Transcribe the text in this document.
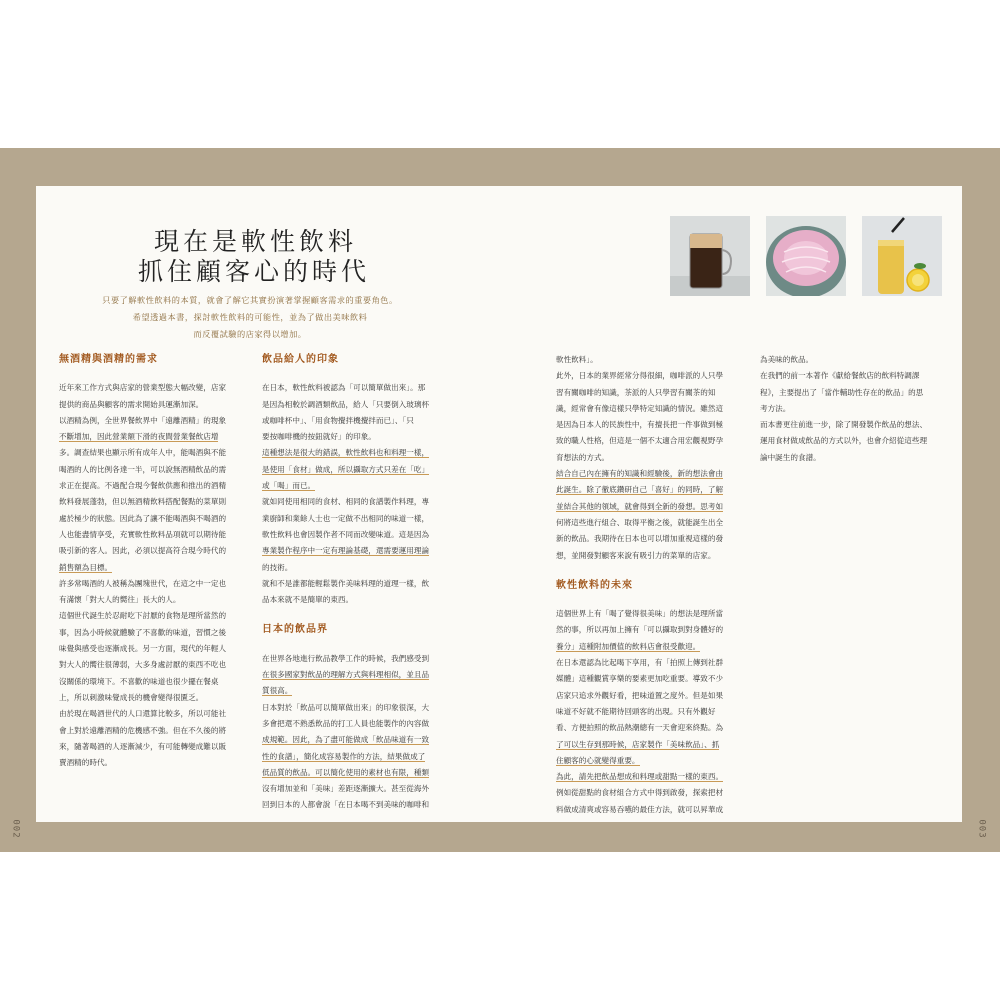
002	003
現在是軟性飲料
抓住顧客心的時代
只要了解軟性飲料的本質，就會了解它其實扮演著掌握顧客需求的重要角色。
希望透過本書，探討軟性飲料的可能性，並為了做出美味飲料
而反覆試驗的店家得以增加。
無酒精與酒精的需求

近年來工作方式與店家的營業型態大幅改變，店家

提供的商品與顧客的需求開始具運漸加深。

以酒精為例，全世界餐飲界中「遠離酒精」的現象

不斷增加，因此營業額下滑的夜間營業餐飲店增

多。調查結果也顯示所有成年人中，能喝酒與不能

喝酒的人的比例各達一半，可以說無酒精飲品的需

求正在提高。不過配合現今餐飲供應和推出的酒精

飲料發展蓬勃，但以無酒精飲料搭配餐點的菜單則

處於極少的狀態。因此為了讓不能喝酒與不喝酒的

人也能盡情享受，充實軟性飲料品項就可以期待能

吸引新的客人。因此，必須以提高符合現今時代的

銷售額為目標。

許多常喝酒的人被稱為團塊世代，在這之中一定也

有滿懷「對大人的嚮往」長大的人。

這個世代誕生於忍耐吃下討厭的食物是理所當然的

事，因為小時候就體驗了不喜歡的味道，習慣之後

味覺與感受也逐漸成長。另一方面，現代的年輕人

對大人的嚮往很薄弱，大多身處討厭的東西不吃也

沒關係的環境下。不喜歡的味道也很少擺在餐桌

上，所以刺激味覺成長的機會變得很匱乏。

由於現在喝酒世代的人口還算比較多，所以可能社

會上對於遠離酒精的危機感不強。但在不久後的將

來，隨著喝酒的人逐漸減少，有可能轉變成難以販

賣酒精的時代。

飲品給人的印象

在日本，軟性飲料被認為「可以簡單做出來」。那

是因為相較於調酒類飲品，給人「只要倒入玻璃杯

或咖啡杯中」、「用食物攪拌機攪拌而已」、「只

要按咖啡機的按鈕就好」的印象。

這種想法是很大的錯誤，軟性飲料也和料理一樣，

是使用「食材」做成，所以攝取方式只差在「吃」

或「喝」而已。

就如同使用相同的食材、相同的食譜製作料理，專

業廚師和業餘人士也一定做不出相同的味道一樣，

軟性飲料也會因製作者不同而改變味道。這是因為

專業製作程序中一定有理論基礎，還需要運用理論

的技術。

就和不是誰都能輕鬆製作美味料理的道理一樣，飲

品本來就不是簡單的東西。

日本的飲品界

在世界各地進行飲品教學工作的時候，我們感受到

在很多國家對飲品的理解方式與料理相似，並且品

質很高。

日本對於「飲品可以簡單做出來」的印象很深，大

多會把還不熟悉飲品的打工人員也能製作的內容做

成規範。因此，為了盡可能做成「飲品味道有一致

性的食譜」，簡化成容易製作的方法，結果做成了

低品質的飲品。可以簡化使用的素材也有限，種類

沒有增加並和「美味」差距逐漸擴大。甚至從海外

回到日本的人都會說「在日本喝不到美味的咖啡和

軟性飲料」。

此外，日本的業界經常分得很細，咖啡派的人只學

習有關咖啡的知識，茶派的人只學習有關茶的知

識，經常會有像這樣只學特定知識的情況。雖然這

是因為日本人的民族性中，有擅長把一件事做到極

致的職人性格，但這是一個不太適合用宏觀視野孕

育想法的方式。

結合自己內在擁有的知識和經驗後，新的想法會由

此誕生。除了徹底鑽研自己「喜好」的同時，了解

並結合其他的領域，就會得到全新的發想。思考如

何將這些進行組合、取得平衡之後，就能誕生出全

新的飲品。我期待在日本也可以增加重視這樣的發

想，並開發對顧客來說有吸引力的菜單的店家。

軟性飲料的未來

這個世界上有「喝了覺得很美味」的想法是理所當

然的事，所以再加上擁有「可以攝取到對身體好的

養分」這種附加價值的飲料店會很受歡迎。

在日本還認為比起喝下享用，有「拍照上傳到社群

媒體」這種觀賞享樂的要素更加吃重要。導致不少

店家只追求外觀好看，把味道置之度外。但是如果

味道不好就不能期待回頭客的出現。只有外觀好

看、方便拍照的飲品熱潮總有一天會迎來終點。為

了可以生存到那時候，店家製作「美味飲品」、抓

住顧客的心就變得重要。

為此，請先把飲品想成和料理或甜點一樣的東西。

例如從甜點的食材組合方式中得到啟發，探索把材

料做成清爽或容易吞嚥的最佳方法，就可以昇華成

為美味的飲品。

在我們的前一本著作《獻給餐飲店的飲料特調課

程》，主要提出了「當作輔助性存在的飲品」的思

考方法。

而本書更往前進一步，除了開發製作飲品的想法、

運用食材做成飲品的方式以外，也會介紹從這些理

論中誕生的食譜。
